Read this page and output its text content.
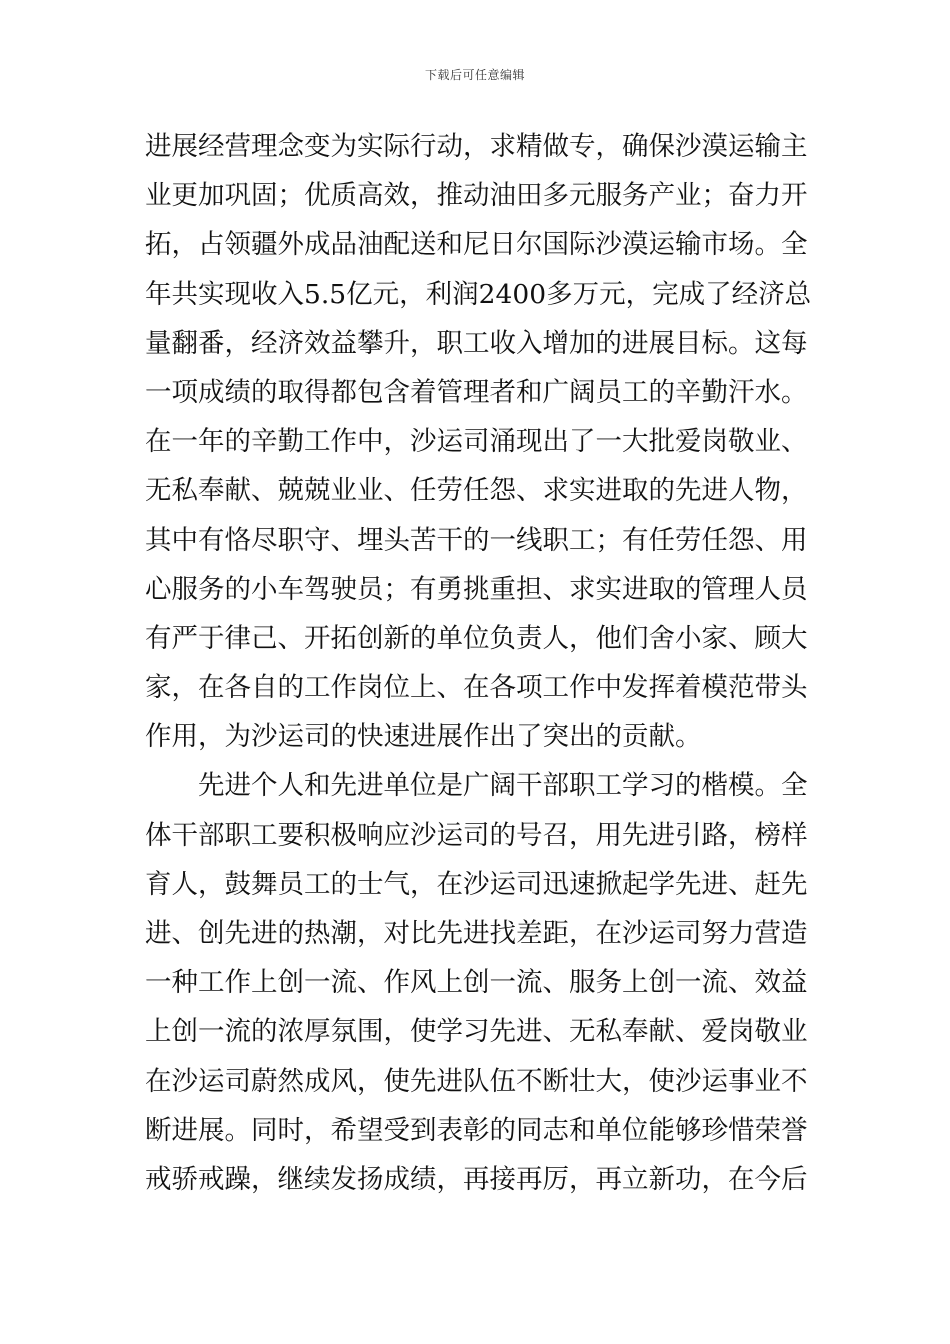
下载后可任意编辑
进展经营理念变为实际行动，求精做专，确保沙漠运输主
业更加巩固；优质高效，推动油田多元服务产业；奋力开
拓，占领疆外成品油配送和尼日尔国际沙漠运输市场。全
年共实现收入5.5亿元，利润2400多万元，完成了经济总
量翻番，经济效益攀升，职工收入增加的进展目标。这每
一项成绩的取得都包含着管理者和广阔员工的辛勤汗水。
在一年的辛勤工作中，沙运司涌现出了一大批爱岗敬业、
无私奉献、兢兢业业、任劳任怨、求实进取的先进人物，
其中有恪尽职守、埋头苦干的一线职工；有任劳任怨、用
心服务的小车驾驶员；有勇挑重担、求实进取的管理人员
有严于律己、开拓创新的单位负责人，他们舍小家、顾大
家，在各自的工作岗位上、在各项工作中发挥着模范带头
作用，为沙运司的快速进展作出了突出的贡献。
先进个人和先进单位是广阔干部职工学习的楷模。全
体干部职工要积极响应沙运司的号召，用先进引路，榜样
育人，鼓舞员工的士气，在沙运司迅速掀起学先进、赶先
进、创先进的热潮，对比先进找差距，在沙运司努力营造
一种工作上创一流、作风上创一流、服务上创一流、效益
上创一流的浓厚氛围，使学习先进、无私奉献、爱岗敬业
在沙运司蔚然成风，使先进队伍不断壮大，使沙运事业不
断进展。同时，希望受到表彰的同志和单位能够珍惜荣誉
戒骄戒躁，继续发扬成绩，再接再厉，再立新功，在今后
